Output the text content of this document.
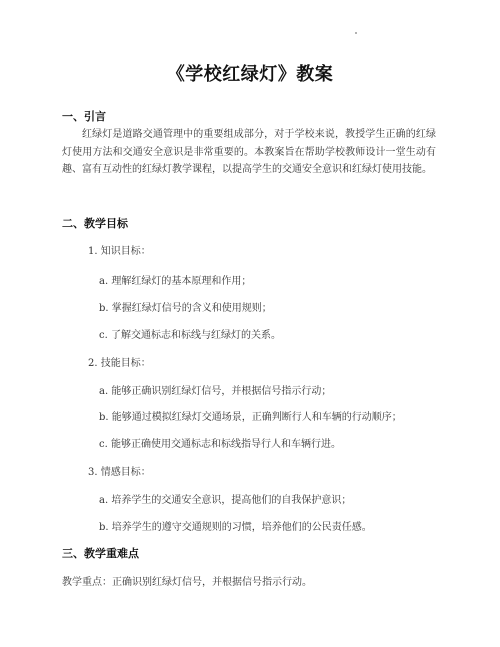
《学校红绿灯》教案
一、引言
红绿灯是道路交通管理中的重要组成部分，对于学校来说，教授学生正确的红绿灯使用方法和交通安全意识是非常重要的。本教案旨在帮助学校教师设计一堂生动有趣、富有互动性的红绿灯教学课程，以提高学生的交通安全意识和红绿灯使用技能。
二、教学目标
1. 知识目标：
a. 理解红绿灯的基本原理和作用；
b. 掌握红绿灯信号的含义和使用规则；
c. 了解交通标志和标线与红绿灯的关系。
2. 技能目标：
a. 能够正确识别红绿灯信号，并根据信号指示行动；
b. 能够通过模拟红绿灯交通场景，正确判断行人和车辆的行动顺序；
c. 能够正确使用交通标志和标线指导行人和车辆行进。
3. 情感目标：
a. 培养学生的交通安全意识，提高他们的自我保护意识；
b. 培养学生的遵守交通规则的习惯，培养他们的公民责任感。
三、教学重难点
教学重点：正确识别红绿灯信号，并根据信号指示行动。
